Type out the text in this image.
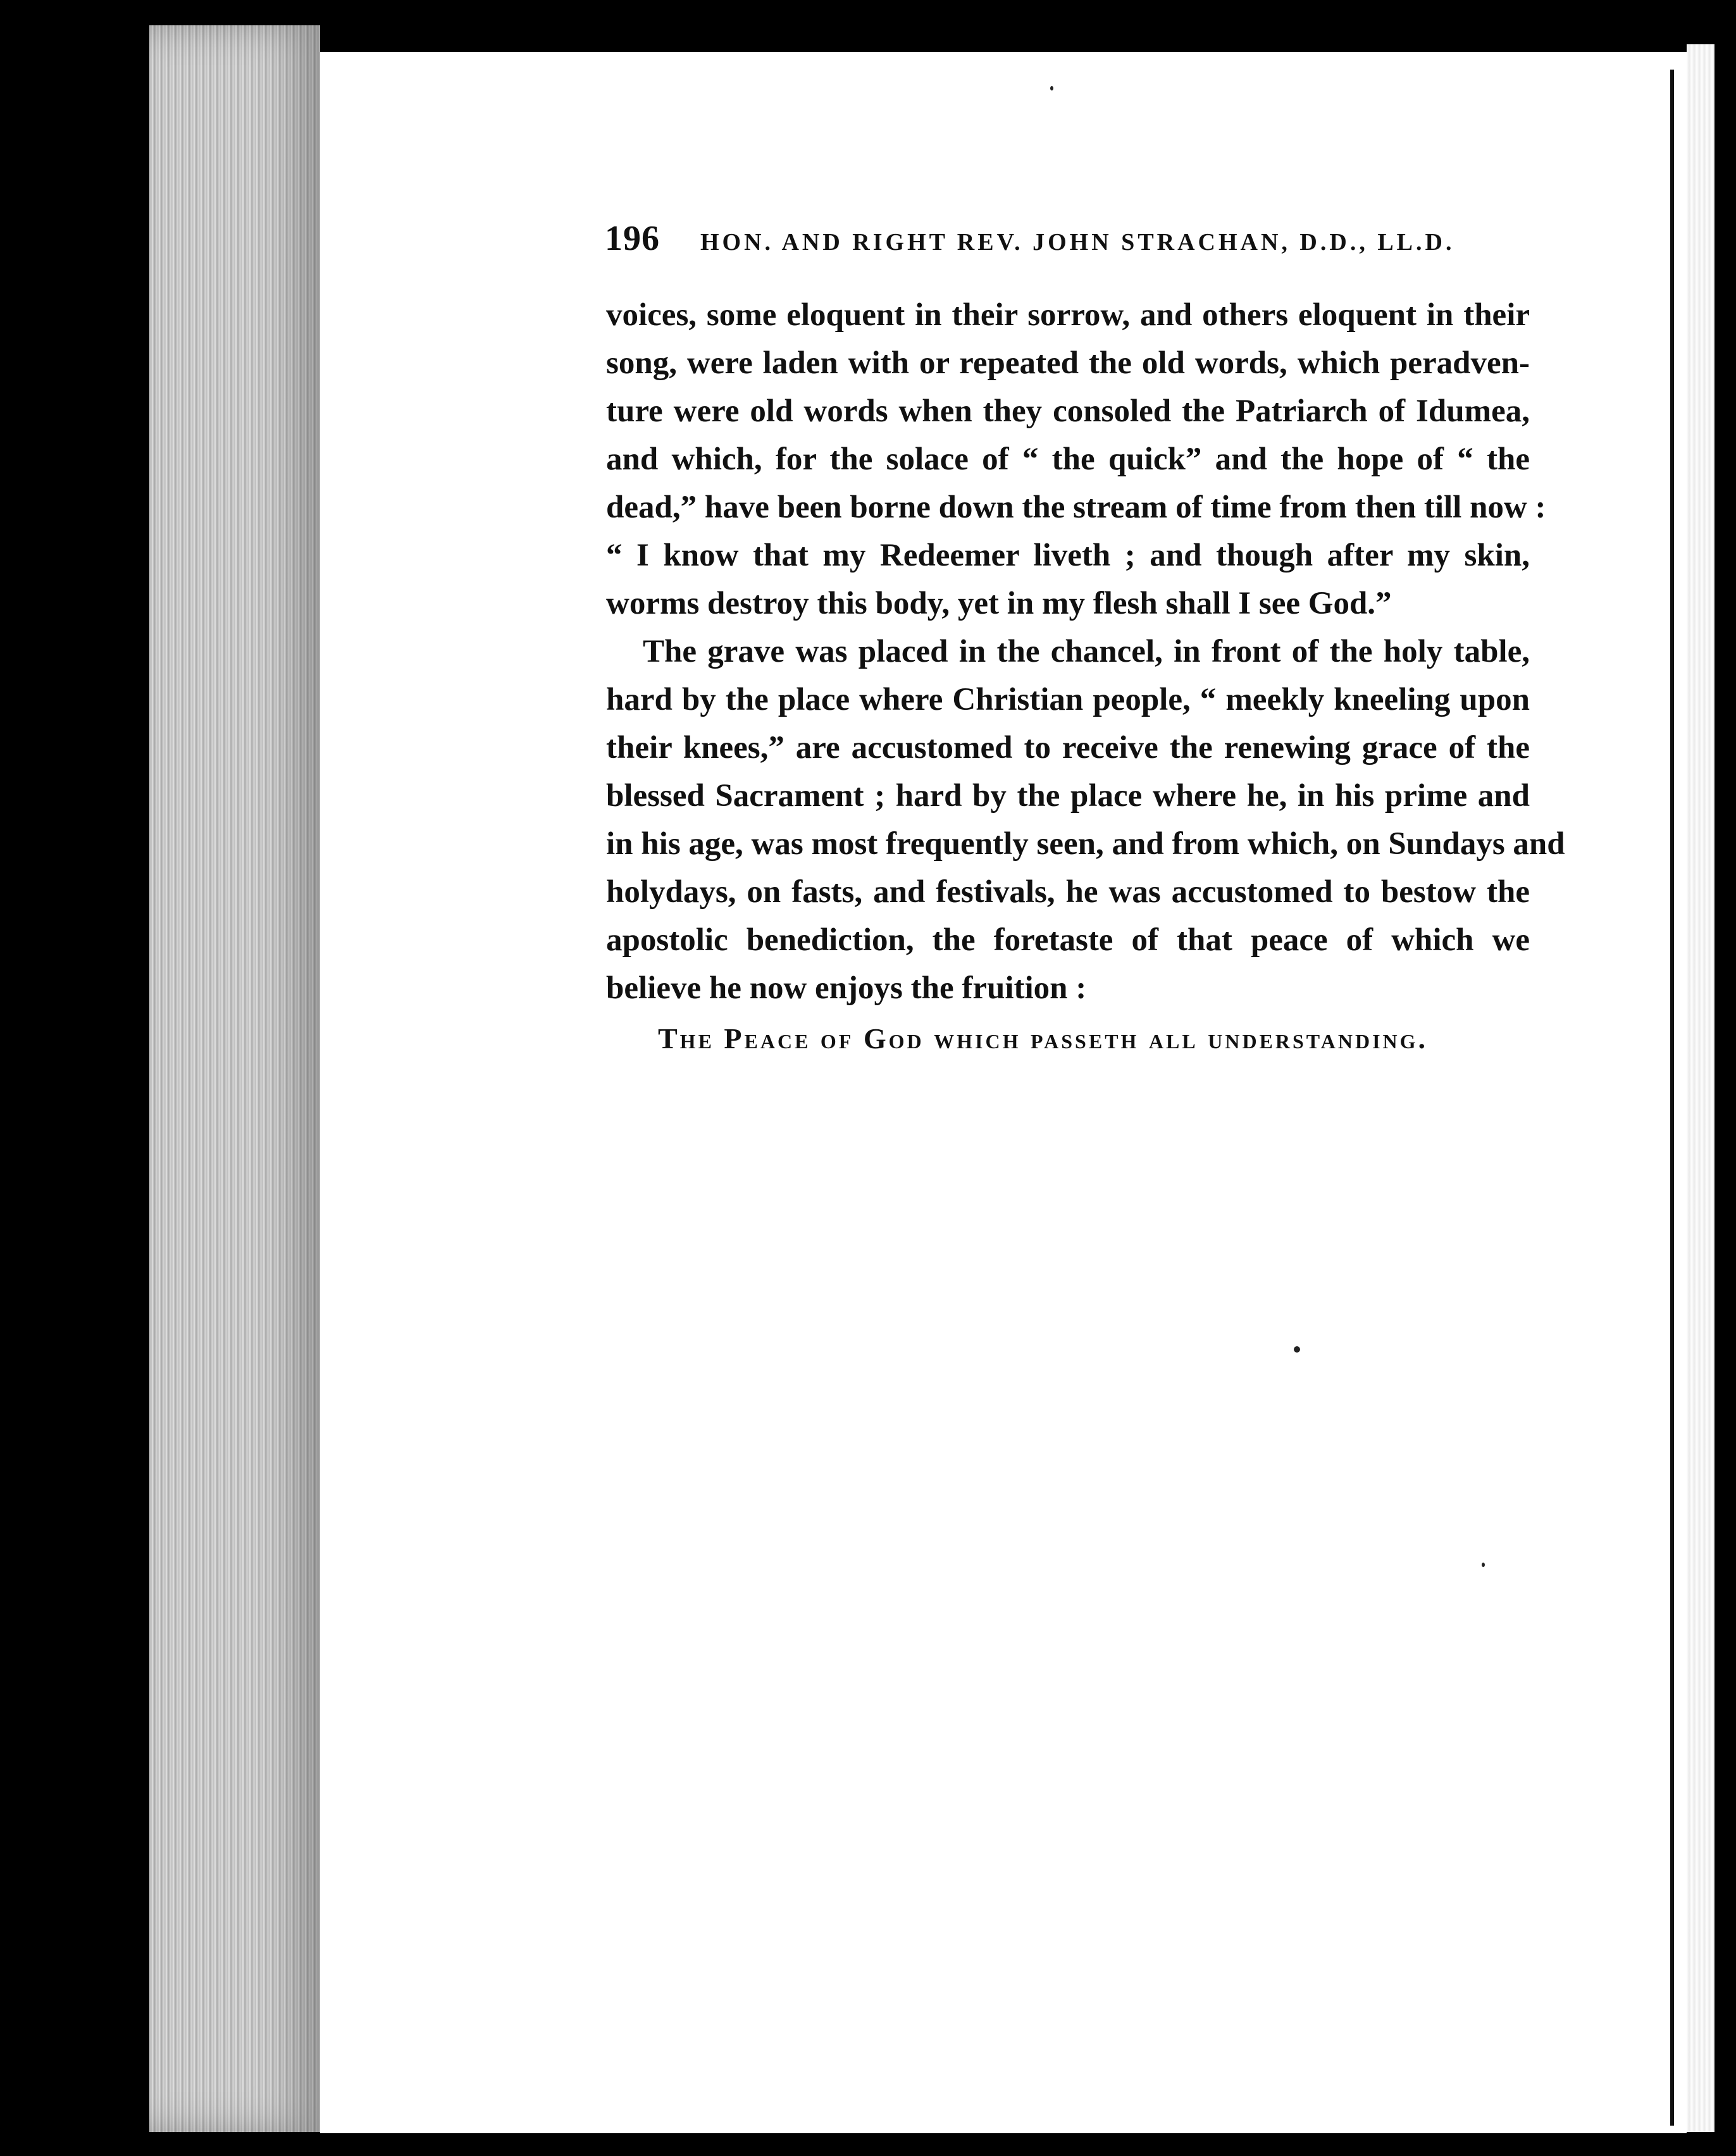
196 HON. AND RIGHT REV. JOHN STRACHAN, D.D., LL.D.
voices, some eloquent in their sorrow, and others eloquent in their
song, were laden with or repeated the old words, which peradven-
ture were old words when they consoled the Patriarch of Idumea,
and which, for the solace of “ the quick” and the hope of “ the
dead,” have been borne down the stream of time from then till now :
“ I know that my Redeemer liveth ; and though after my skin,
worms destroy this body, yet in my flesh shall I see God.”
The grave was placed in the chancel, in front of the holy table,
hard by the place where Christian people, “ meekly kneeling upon
their knees,” are accustomed to receive the renewing grace of the
blessed Sacrament ; hard by the place where he, in his prime and
in his age, was most frequently seen, and from which, on Sundays and
holydays, on fasts, and festivals, he was accustomed to bestow the
apostolic benediction, the foretaste of that peace of which we
believe he now enjoys the fruition :
The Peace of God which passeth all understanding.
